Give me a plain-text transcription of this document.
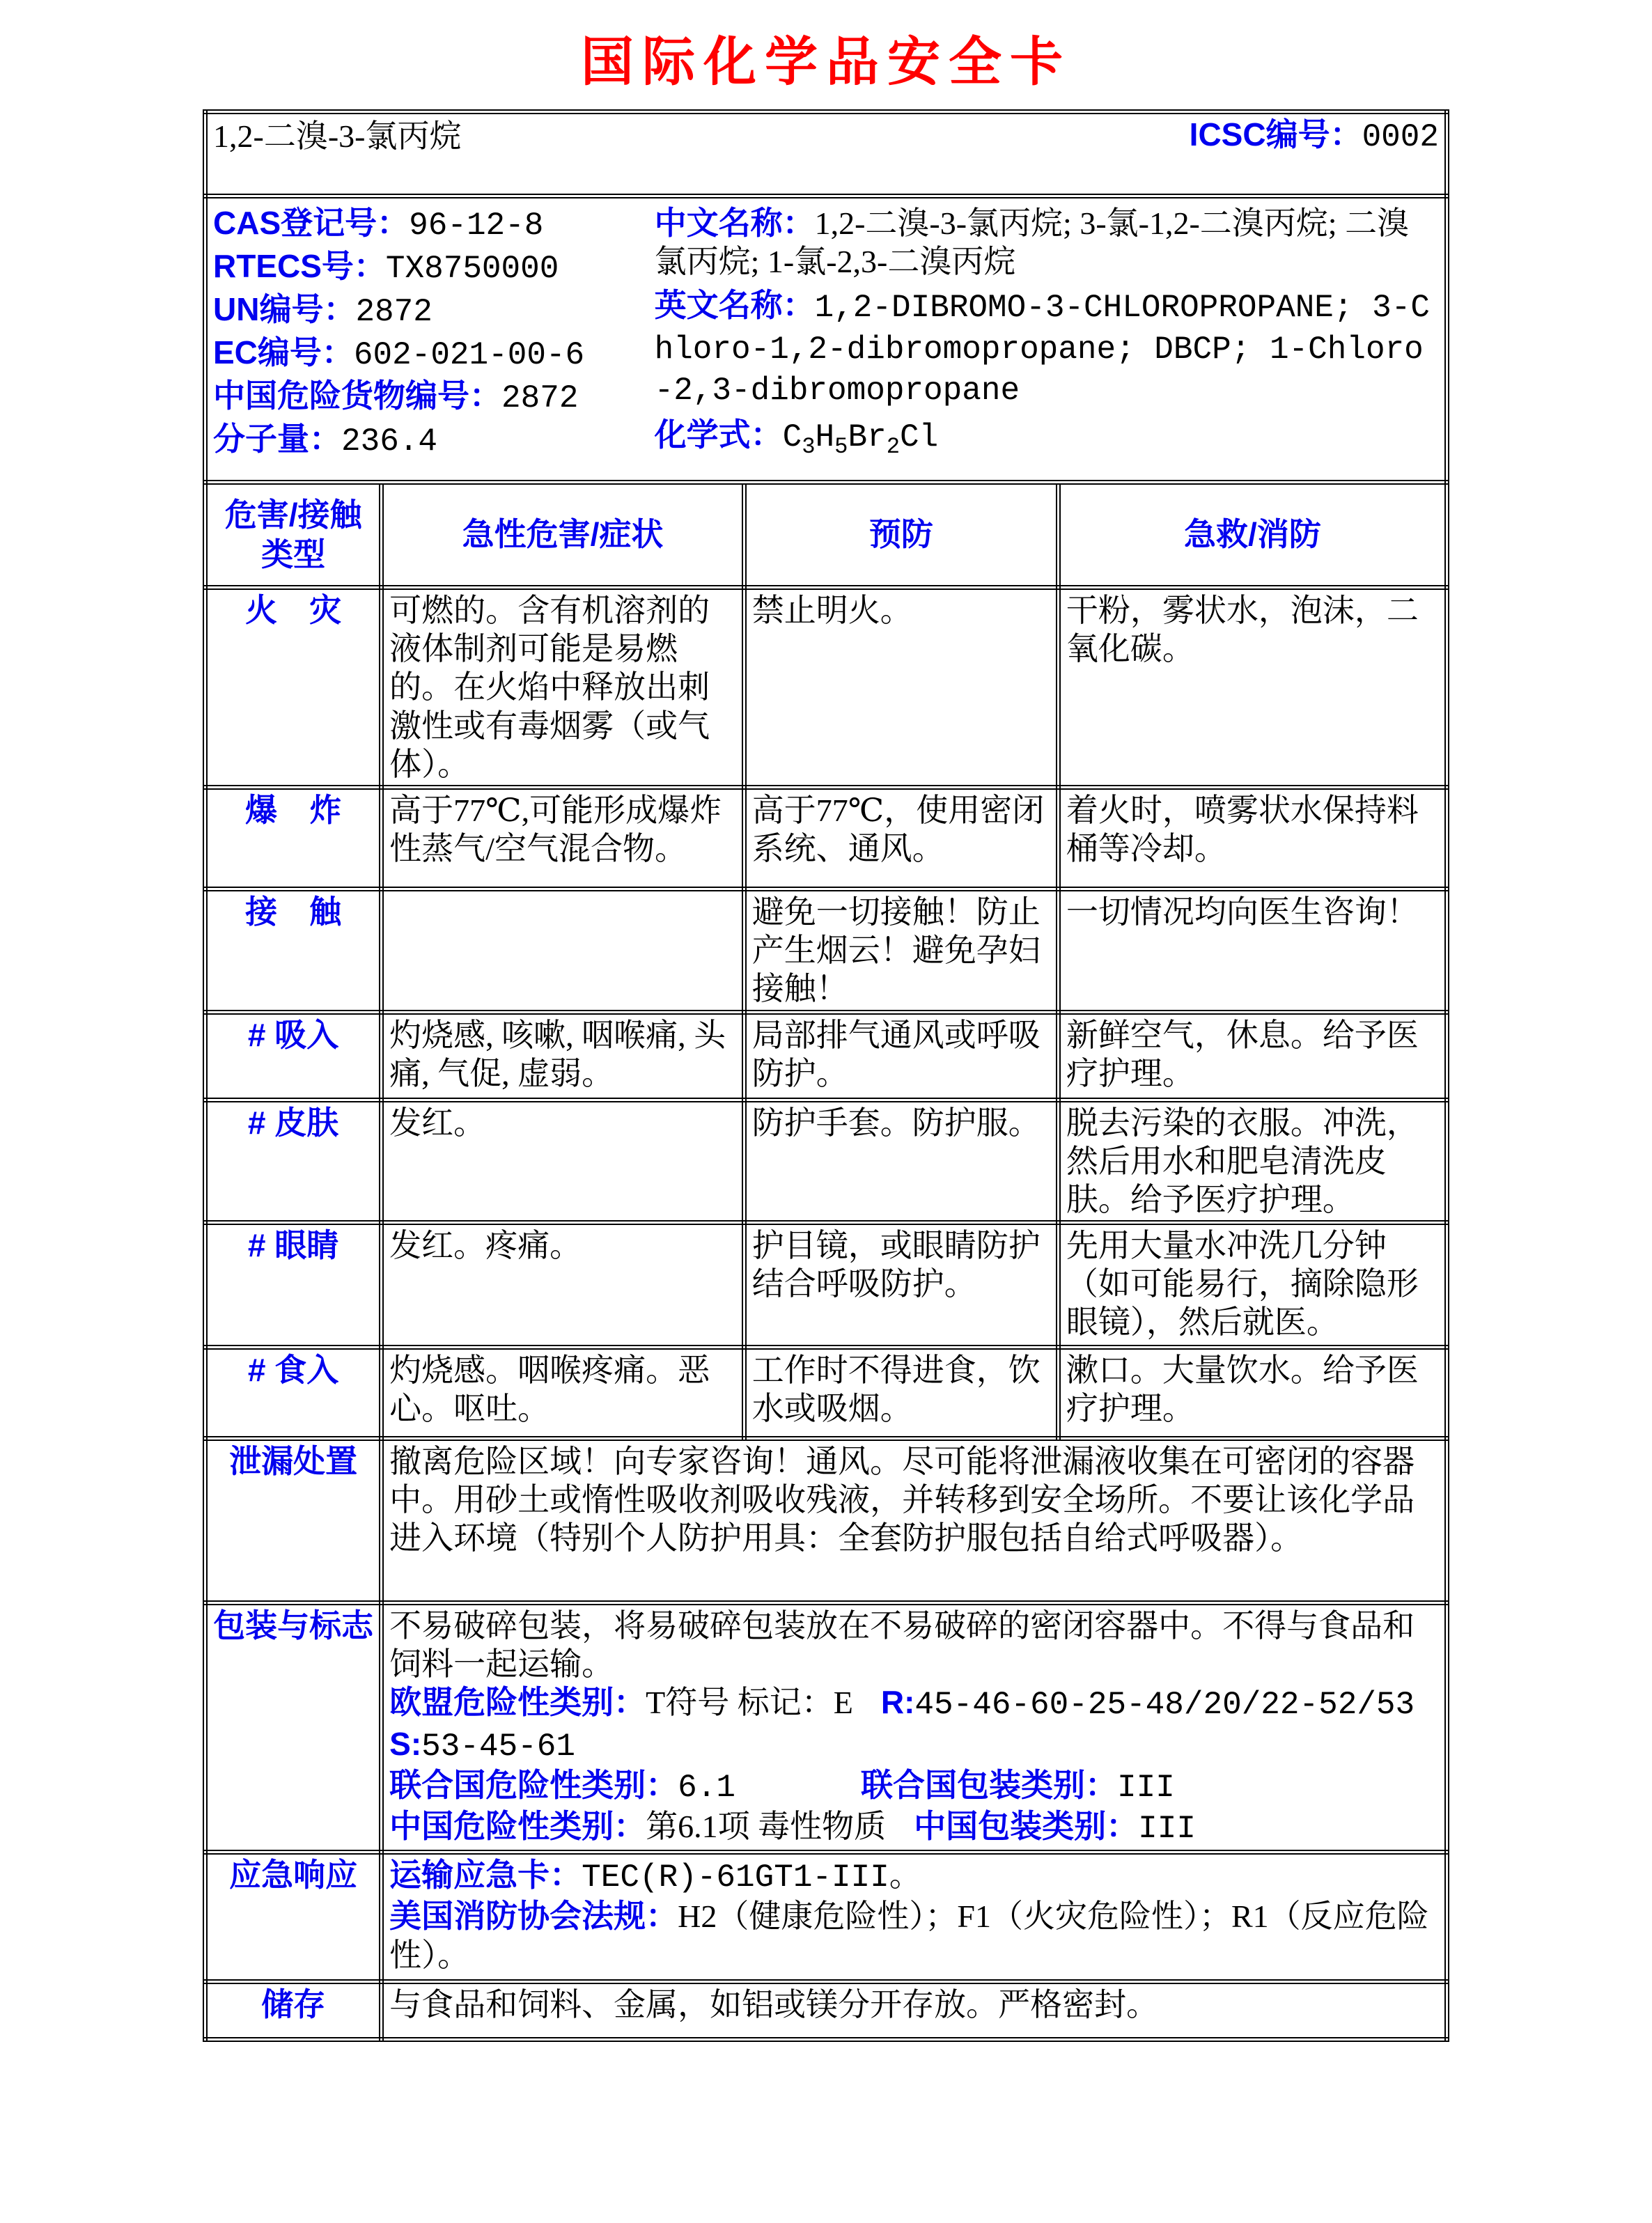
国际化学品安全卡
1,2-二溴-3-氯丙烷 ICSC编号：0002			

CAS登记号：96-12-8
RTECS号：TX8750000
UN编号：2872
EC编号：602-021-00-6
中国危险货物编号：2872
分子量：236.4

中文名称：1,2-二溴-3-氯丙烷; 3-氯-1,2-二溴丙烷; 二溴氯丙烷; 1-氯-2,3-二溴丙烷

英文名称：1,2-DIBROMO-3-CHLOROPROPANE; 3-Chloro-1,2-dibromopropane; DBCP; 1-Chloro-2,3-dibromopropane

化学式：$C_3H_5Br_2Cl$

危害/接触
类型	急性危害/症状	预防	急救/消防
火　灾	可燃的。含有机溶剂的液体制剂可能是易燃的。在火焰中释放出刺激性或有毒烟雾（或气体）。	禁止明火。	干粉，雾状水，泡沫，二氧化碳。
爆　炸	高于77℃,可能形成爆炸性蒸气/空气混合物。	高于77℃，使用密闭系统、通风。	着火时，喷雾状水保持料桶等冷却。
接　触		避免一切接触！防止产生烟云！避免孕妇接触！	一切情况均向医生咨询！
# 吸入	灼烧感, 咳嗽, 咽喉痛, 头痛, 气促, 虚弱。	局部排气通风或呼吸防护。	新鲜空气，休息。给予医疗护理。
# 皮肤	发红。	防护手套。防护服。	脱去污染的衣服。冲洗，然后用水和肥皂清洗皮肤。给予医疗护理。
# 眼睛	发红。疼痛。	护目镜，或眼睛防护结合呼吸防护。	先用大量水冲洗几分钟（如可能易行，摘除隐形眼镜），然后就医。
# 食入	灼烧感。咽喉疼痛。恶心。呕吐。	工作时不得进食，饮水或吸烟。	漱口。大量饮水。给予医疗护理。
泄漏处置	撤离危险区域！向专家咨询！通风。尽可能将泄漏液收集在可密闭的容器中。用砂土或惰性吸收剂吸收残液，并转移到安全场所。不要让该化学品进入环境（特别个人防护用具：全套防护服包括自给式呼吸器）。		
包装与标志	不易破碎包装，将易破碎包装放在不易破碎的密闭容器中。不得与食品和饲料一起运输。

欧盟危险性类别：T符号 标记：E R:45-46-60-25-48/20/22-52/53

S:53-45-61

联合国危险性类别：6.1 联合国包装类别：III

中国危险性类别：第6.1项 毒性物质 中国包装类别：III		

应急响应	运输应急卡：TEC(R)-61GT1-III。

美国消防协会法规：H2（健康危险性）；F1（火灾危险性）；R1（反应危险性）。		

储存	与食品和饲料、金属，如铝或镁分开存放。严格密封。		
